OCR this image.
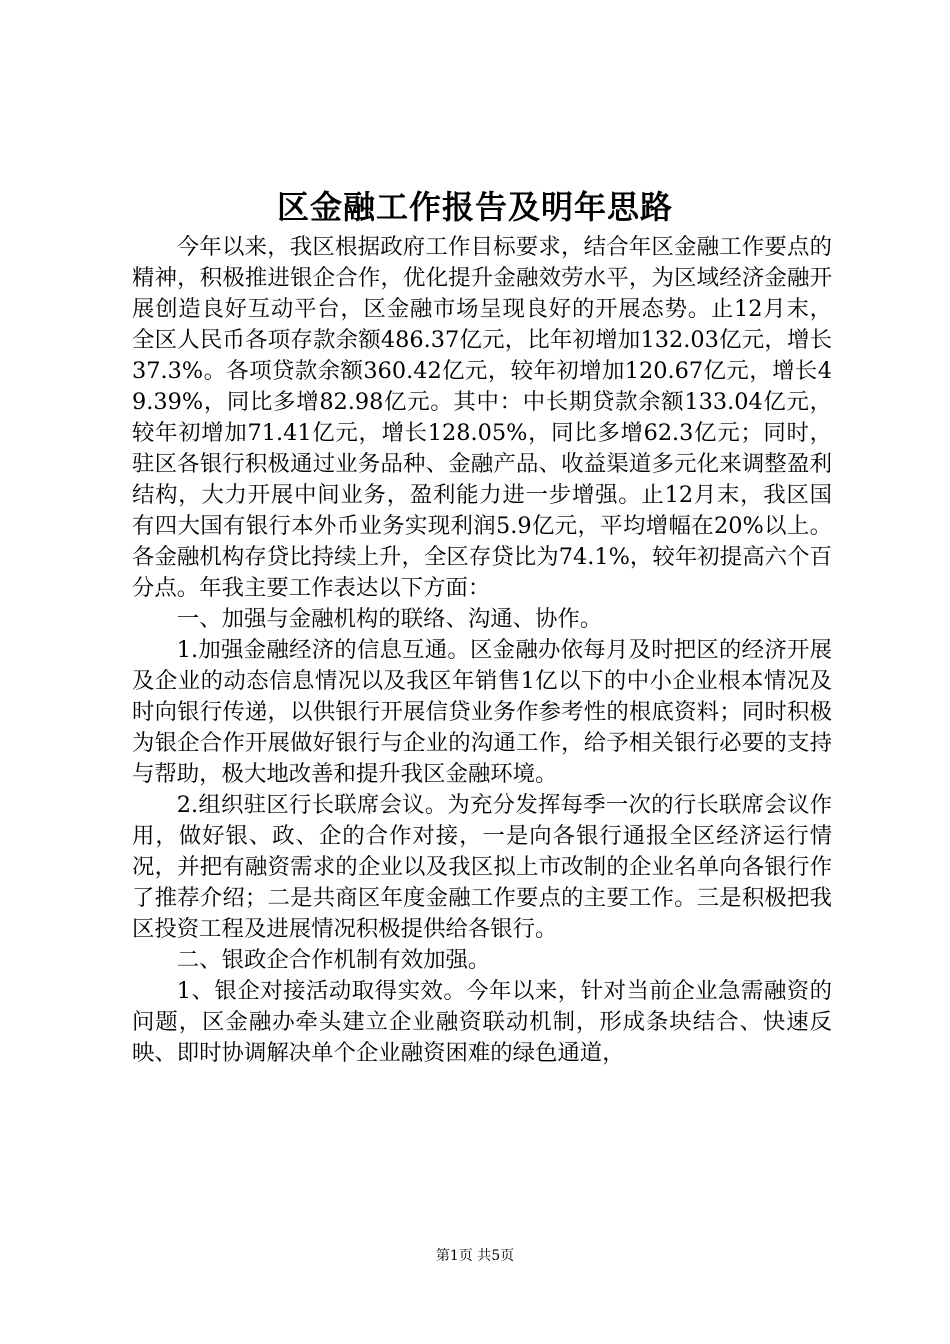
区金融工作报告及明年思路

今年以来，我区根据政府工作目标要求，结合年区金融工作要点的精神，积极推进银企合作，优化提升金融效劳水平，为区域经济金融开展创造良好互动平台，区金融市场呈现良好的开展态势。止12月末，全区人民币各项存款余额486.37亿元，比年初增加132.03亿元，增长37.3%。各项贷款余额360.42亿元，较年初增加120.67亿元，增长49.39%，同比多增82.98亿元。其中：中长期贷款余额133.04亿元，较年初增加71.41亿元，增长128.05%，同比多增62.3亿元；同时，驻区各银行积极通过业务品种、金融产品、收益渠道多元化来调整盈利结构，大力开展中间业务，盈利能力进一步增强。止12月末，我区国有四大国有银行本外币业务实现利润5.9亿元，平均增幅在20%以上。各金融机构存贷比持续上升，全区存贷比为74.1%，较年初提高六个百分点。年我主要工作表达以下方面：

一、加强与金融机构的联络、沟通、协作。

1.加强金融经济的信息互通。区金融办依每月及时把区的经济开展及企业的动态信息情况以及我区年销售1亿以下的中小企业根本情况及时向银行传递，以供银行开展信贷业务作参考性的根底资料；同时积极为银企合作开展做好银行与企业的沟通工作，给予相关银行必要的支持与帮助，极大地改善和提升我区金融环境。

2.组织驻区行长联席会议。为充分发挥每季一次的行长联席会议作用，做好银、政、企的合作对接，一是向各银行通报全区经济运行情况，并把有融资需求的企业以及我区拟上市改制的企业名单向各银行作了推荐介绍；二是共商区年度金融工作要点的主要工作。三是积极把我区投资工程及进展情况积极提供给各银行。

二、银政企合作机制有效加强。

1、银企对接活动取得实效。今年以来，针对当前企业急需融资的问题，区金融办牵头建立企业融资联动机制，形成条块结合、快速反映、即时协调解决单个企业融资困难的绿色通道，

第1页 共5页
